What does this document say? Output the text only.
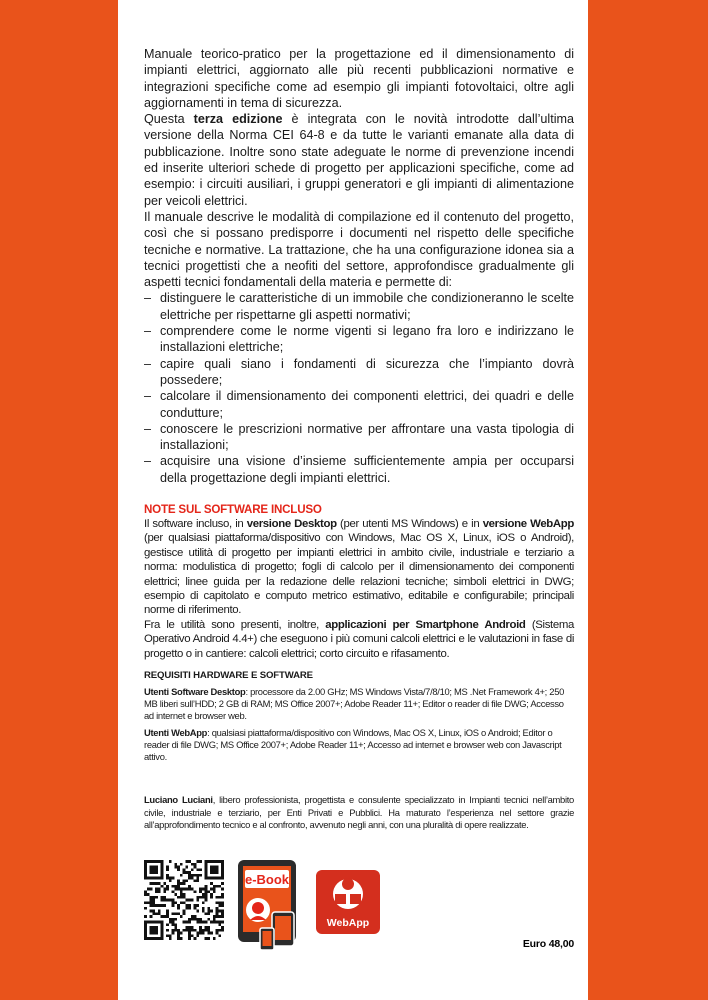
Manuale teorico-pratico per la progettazione ed il dimensionamento di impianti elettrici, aggiornato alle più recenti pubblicazioni normative e integrazioni specifiche come ad esempio gli impianti fotovoltaici, oltre agli aggiornamenti in tema di sicurezza.

Questa terza edizione è integrata con le novità introdotte dall’ultima versione della Norma CEI 64-8 e da tutte le varianti emanate alla data di pubblicazione. Inoltre sono state adeguate le norme di prevenzione incendi ed inserite ulteriori schede di progetto per applicazioni specifiche, come ad esempio: i circuiti ausiliari, i gruppi generatori e gli impianti di alimentazione per veicoli elettrici.

Il manuale descrive le modalità di compilazione ed il contenuto del progetto, così che si possano predisporre i documenti nel rispetto delle specifiche tecniche e normative. La trattazione, che ha una configurazione idonea sia a tecnici progettisti che a neofiti del settore, approfondisce gradualmente gli aspetti tecnici fondamentali della materia e permette di:

– distinguere le caratteristiche di un immobile che condizioneranno le scelte elettriche per rispettarne gli aspetti normativi;
– comprendere come le norme vigenti si legano fra loro e indirizzano le installazioni elettriche;
– capire quali siano i fondamenti di sicurezza che l’impianto dovrà possedere;
– calcolare il dimensionamento dei componenti elettrici, dei quadri e delle condutture;
– conoscere le prescrizioni normative per affrontare una vasta tipologia di installazioni;
– acquisire una visione d’insieme sufficientemente ampia per occuparsi della progettazione degli impianti elettrici.
NOTE SUL SOFTWARE INCLUSO

Il software incluso, in versione Desktop (per utenti MS Windows) e in versione WebApp (per qualsiasi piattaforma/dispositivo con Windows, Mac OS X, Linux, iOS o Android), gestisce utilità di progetto per impianti elettrici in ambito civile, industriale e terziario a norma: modulistica di progetto; fogli di calcolo per il dimensionamento dei componenti elettrici; linee guida per la redazione delle relazioni tecniche; simboli elettrici in DWG; esempio di capitolato e computo metrico estimativo, editabile e configurabile; principali norme di riferimento.

Fra le utilità sono presenti, inoltre, applicazioni per Smartphone Android (Sistema Operativo Android 4.4+) che eseguono i più comuni calcoli elettrici e le valutazioni in fase di progetto o in cantiere: calcoli elettrici; corto circuito e rifasamento.

REQUISITI HARDWARE E SOFTWARE

Utenti Software Desktop: processore da 2.00 GHz; MS Windows Vista/7/8/10; MS .Net Framework 4+; 250 MB liberi sull’HDD; 2 GB di RAM; MS Office 2007+; Adobe Reader 11+; Editor o reader di file DWG; Accesso ad internet e browser web.

Utenti WebApp: qualsiasi piattaforma/dispositivo con Windows, Mac OS X, Linux, iOS o Android; Editor o reader di file DWG; MS Office 2007+; Adobe Reader 11+; Accesso ad internet e browser web con Javascript attivo.

Luciano Luciani, libero professionista, progettista e consulente specializzato in Impianti tecnici nell’ambito civile, industriale e terziario, per Enti Privati e Pubblici. Ha maturato l’esperienza nel settore grazie all’approfondimento tecnico e al confronto, avvenuto negli anni, con una pluralità di opere realizzate.
e-Book
WebApp
Euro 48,00
